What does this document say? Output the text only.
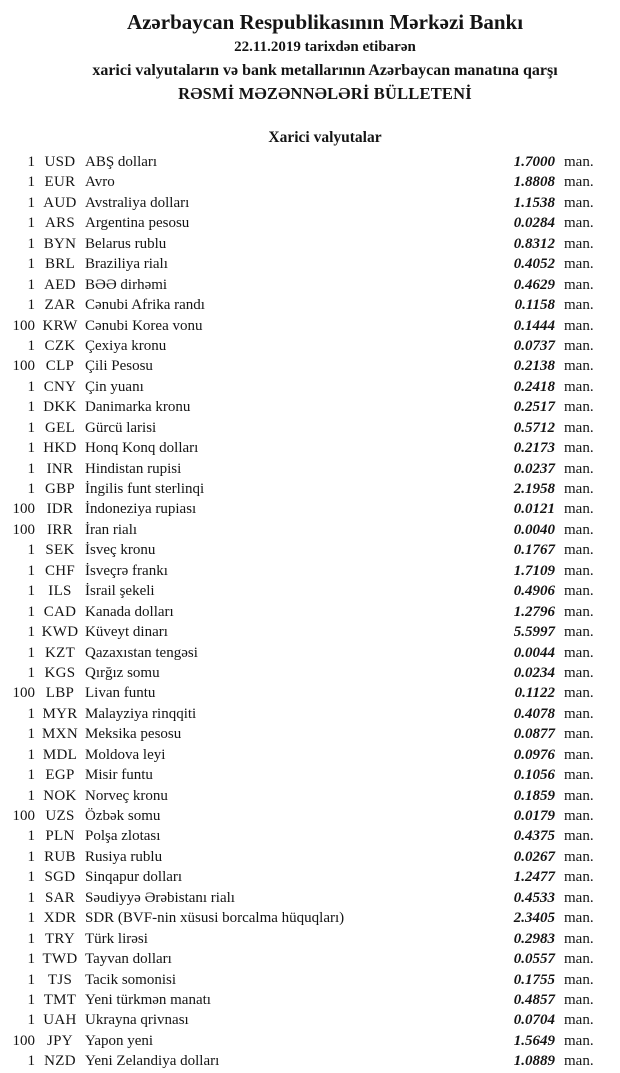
Azərbaycan Respublikasının Mərkəzi Bankı
22.11.2019 tarixdən etibarən
xarici valyutaların və bank metallarının Azərbaycan manatına qarşı
RƏSMİ MƏZƏNNƏLƏRİ BÜLLETENİ
Xarici valyutalar
1 USD ABŞ dolları	1.7000 man.
1 EUR Avro	1.8808 man.
1 AUD Avstraliya dolları	1.1538 man.
1 ARS Argentina pesosu	0.0284 man.
1 BYN Belarus rublu	0.8312 man.
1 BRL Braziliya rialı	0.4052 man.
1 AED BƏƏ dirhəmi	0.4629 man.
1 ZAR Cənubi Afrika randı	0.1158 man.
100 KRW Cənubi Korea vonu	0.1444 man.
1 CZK Çexiya kronu	0.0737 man.
100 CLP Çili Pesosu	0.2138 man.
1 CNY Çin yuanı	0.2418 man.
1 DKK Danimarka kronu	0.2517 man.
1 GEL Gürcü larisi	0.5712 man.
1 HKD Honq Konq dolları	0.2173 man.
1 INR Hindistan rupisi	0.0237 man.
1 GBP İngilis funt sterlinqi	2.1958 man.
100 IDR İndoneziya rupiası	0.0121 man.
100 IRR İran rialı	0.0040 man.
1 SEK İsveç kronu	0.1767 man.
1 CHF İsveçrə frankı	1.7109 man.
1 ILS İsrail şekeli	0.4906 man.
1 CAD Kanada dolları	1.2796 man.
1 KWD Küveyt dinarı	5.5997 man.
1 KZT Qazaxıstan tengəsi	0.0044 man.
1 KGS Qırğız somu	0.0234 man.
100 LBP Livan funtu	0.1122 man.
1 MYR Malayziya rinqqiti	0.4078 man.
1 MXN Meksika pesosu	0.0877 man.
1 MDL Moldova leyi	0.0976 man.
1 EGP Misir funtu	0.1056 man.
1 NOK Norveç kronu	0.1859 man.
100 UZS Özbək somu	0.0179 man.
1 PLN Polşa zlotası	0.4375 man.
1 RUB Rusiya rublu	0.0267 man.
1 SGD Sinqapur dolları	1.2477 man.
1 SAR Səudiyyə Ərəbistanı rialı	0.4533 man.
1 XDR SDR (BVF-nin xüsusi borcalma hüquqları)	2.3405 man.
1 TRY Türk lirəsi	0.2983 man.
1 TWD Tayvan dolları	0.0557 man.
1 TJS Tacik somonisi	0.1755 man.
1 TMT Yeni türkmən manatı	0.4857 man.
1 UAH Ukrayna qrivnası	0.0704 man.
100 JPY Yapon yeni	1.5649 man.
1 NZD Yeni Zelandiya dolları	1.0889 man.
